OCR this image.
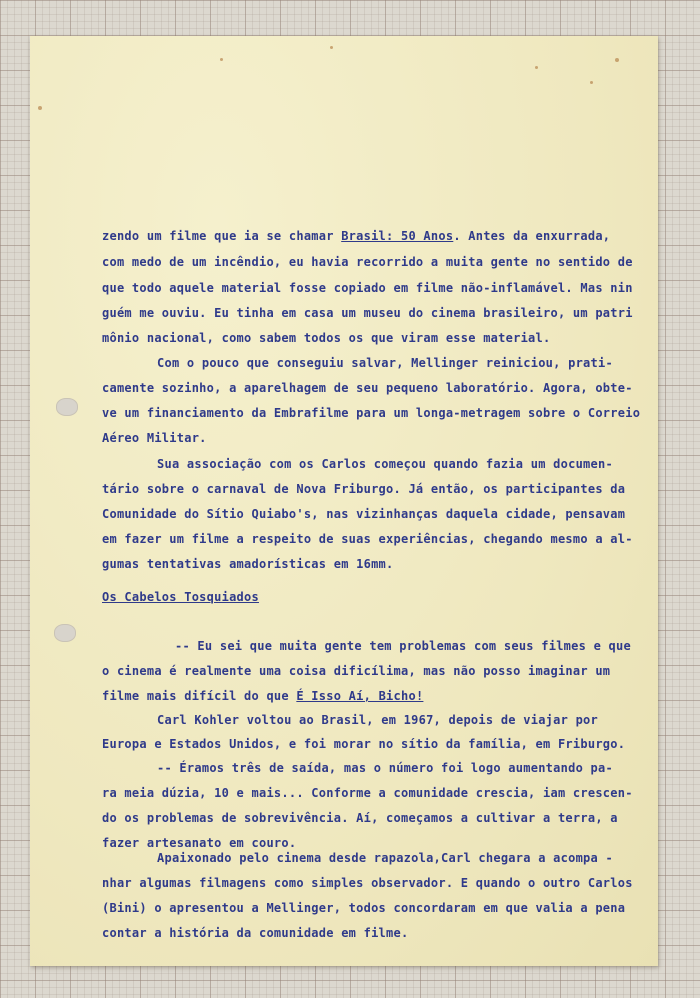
zendo um filme que ia se chamar Brasil: 50 Anos. Antes da enxurrada,
com medo de um incêndio, eu havia recorrido a muita gente no sentido de
que todo aquele material fosse copiado em filme não-inflamável. Mas nin
guém me ouviu. Eu tinha em casa um museu do cinema brasileiro, um patri
mônio nacional, como sabem todos os que viram esse material.
Com o pouco que conseguiu salvar, Mellinger reiniciou, prati-
camente sozinho, a aparelhagem de seu pequeno laboratório. Agora, obte-
ve um financiamento da Embrafilme para um longa-metragem sobre o Correio
Aéreo Militar.
Sua associação com os Carlos começou quando fazia um documen-
tário sobre o carnaval de Nova Friburgo. Já então, os participantes da
Comunidade do Sítio Quiabo's, nas vizinhanças daquela cidade, pensavam
em fazer um filme a respeito de suas experiências, chegando mesmo a al-
gumas tentativas amadorísticas em 16mm.
Os Cabelos Tosquiados
-- Eu sei que muita gente tem problemas com seus filmes e que
o cinema é realmente uma coisa dificílima, mas não posso imaginar um
filme mais difícil do que É Isso Aí, Bicho!
Carl Kohler voltou ao Brasil, em 1967, depois de viajar por
Europa e Estados Unidos, e foi morar no sítio da família, em Friburgo.
-- Éramos três de saída, mas o número foi logo aumentando pa-
ra meia dúzia, 10 e mais... Conforme a comunidade crescia, iam crescen-
do os problemas de sobrevivência. Aí, começamos a cultivar a terra, a
fazer artesanato em couro.
Apaixonado pelo cinema desde rapazola,Carl chegara a acompa -
nhar algumas filmagens como simples observador. E quando o outro Carlos
(Bini) o apresentou a Mellinger, todos concordaram em que valia a pena
contar a história da comunidade em filme.
